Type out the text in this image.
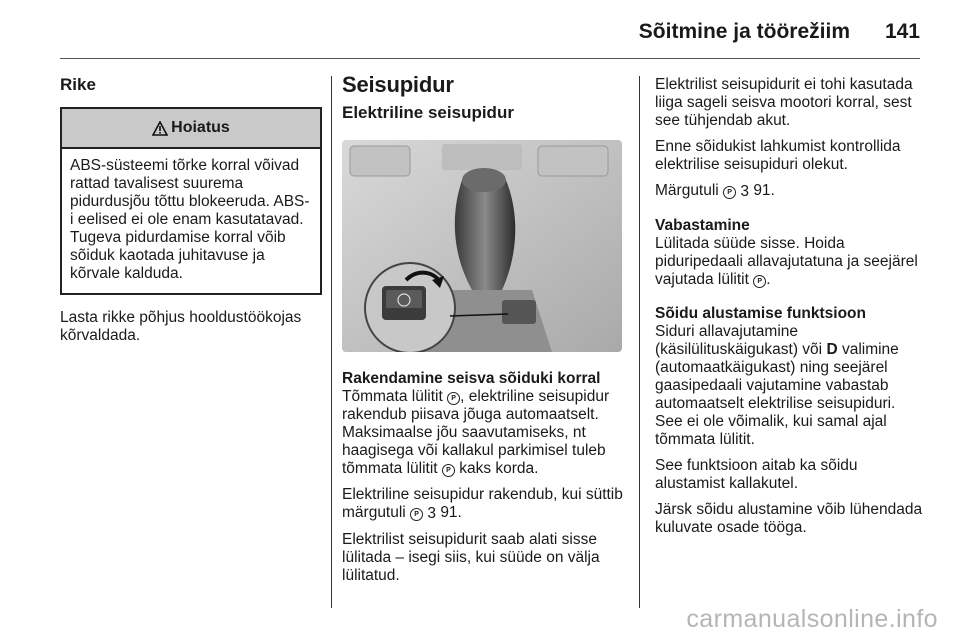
Sõitmine ja töörežiim 141
Rike
Hoiatus
ABS-süsteemi tõrke korral võivad rattad tavalisest suurema pidurdusjõu tõttu blokeeruda. ABS-i eelised ei ole enam kasutatavad. Tugeva pidurdamise korral võib sõiduk kaotada juhitavuse ja kõrvale kalduda.

Lasta rikke põhjus hooldustöökojas kõrvaldada.

Seisupidur
Elektriline seisupidur
Rakendamine seisva sõiduki korral

Tõmmata lülitit P , elektriline seisupidur rakendub piisava jõuga automaatselt. Maksimaalse jõu saavutamiseks, nt haagisega või kallakul parkimisel tuleb tõmmata lülitit P kaks korda.

Elektriline seisupidur rakendub, kui süttib märgutuli P 3 91.

Elektrilist seisupidurit saab alati sisse lülitada – isegi siis, kui süüde on välja lülitatud.

Elektrilist seisupidurit ei tohi kasutada liiga sageli seisva mootori korral, sest see tühjendab akut.

Enne sõidukist lahkumist kontrollida elektrilise seisupiduri olekut.

Märgutuli P 3 91.

Vabastamine

Lülitada süüde sisse. Hoida piduripedaali allavajutatuna ja seejärel vajutada lülitit P .

Sõidu alustamise funktsioon

Siduri allavajutamine (käsilülituskäigukast) või D valimine (automaatkäigukast) ning seejärel gaasipedaali vajutamine vabastab automaatselt elektrilise seisupiduri. See ei ole võimalik, kui samal ajal tõmmata lülitit.

See funktsioon aitab ka sõidu alustamist kallakutel.

Järsk sõidu alustamine võib lühendada kuluvate osade tööga.

carmanualsonline.info
